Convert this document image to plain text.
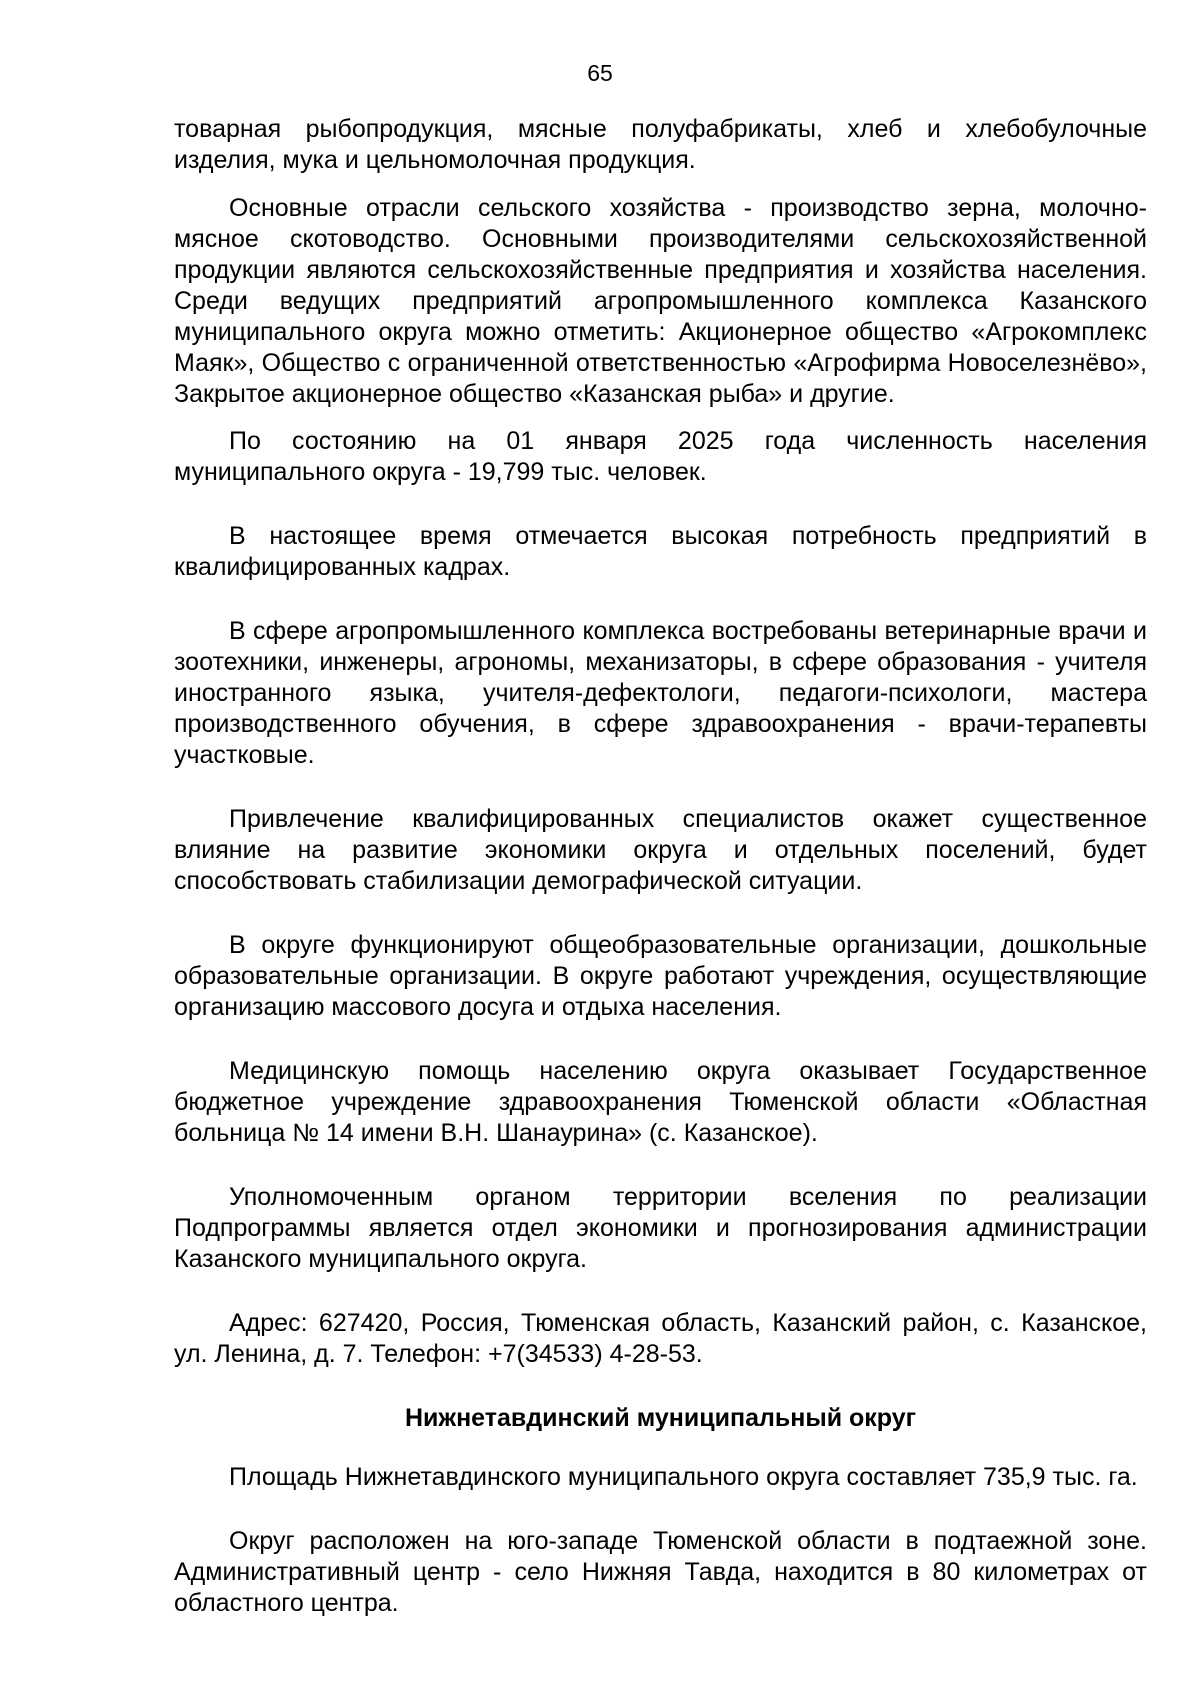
65

товарная рыбопродукция, мясные полуфабрикаты, хлеб и хлебобулочные изделия, мука и цельномолочная продукция.

Основные отрасли сельского хозяйства - производство зерна, молочно-мясное скотоводство. Основными производителями сельскохозяйственной продукции являются сельскохозяйственные предприятия и хозяйства населения. Среди ведущих предприятий агропромышленного комплекса Казанского муниципального округа можно отметить: Акционерное общество «Агрокомплекс Маяк», Общество с ограниченной ответственностью «Агрофирма Новоселезнёво», Закрытое акционерное общество «Казанская рыба» и другие.

По состоянию на 01 января 2025 года численность населения муниципального округа - 19,799 тыс. человек.

В настоящее время отмечается высокая потребность предприятий в квалифицированных кадрах.

В сфере агропромышленного комплекса востребованы ветеринарные врачи и зоотехники, инженеры, агрономы, механизаторы, в сфере образования - учителя иностранного языка, учителя-дефектологи, педагоги-психологи, мастера производственного обучения, в сфере здравоохранения - врачи-терапевты участковые.

Привлечение квалифицированных специалистов окажет существенное влияние на развитие экономики округа и отдельных поселений, будет способствовать стабилизации демографической ситуации.

В округе функционируют общеобразовательные организации, дошкольные образовательные организации. В округе работают учреждения, осуществляющие организацию массового досуга и отдыха населения.

Медицинскую помощь населению округа оказывает Государственное бюджетное учреждение здравоохранения Тюменской области «Областная больница № 14 имени В.Н. Шанаурина» (с. Казанское).

Уполномоченным органом территории вселения по реализации Подпрограммы является отдел экономики и прогнозирования администрации Казанского муниципального округа.

Адрес: 627420, Россия, Тюменская область, Казанский район, с. Казанское, ул. Ленина, д. 7. Телефон: +7(34533) 4-28-53.

Нижнетавдинский муниципальный округ

Площадь Нижнетавдинского муниципального округа составляет 735,9 тыс. га.

Округ расположен на юго-западе Тюменской области в подтаежной зоне. Административный центр - село Нижняя Тавда, находится в 80 километрах от областного центра.
